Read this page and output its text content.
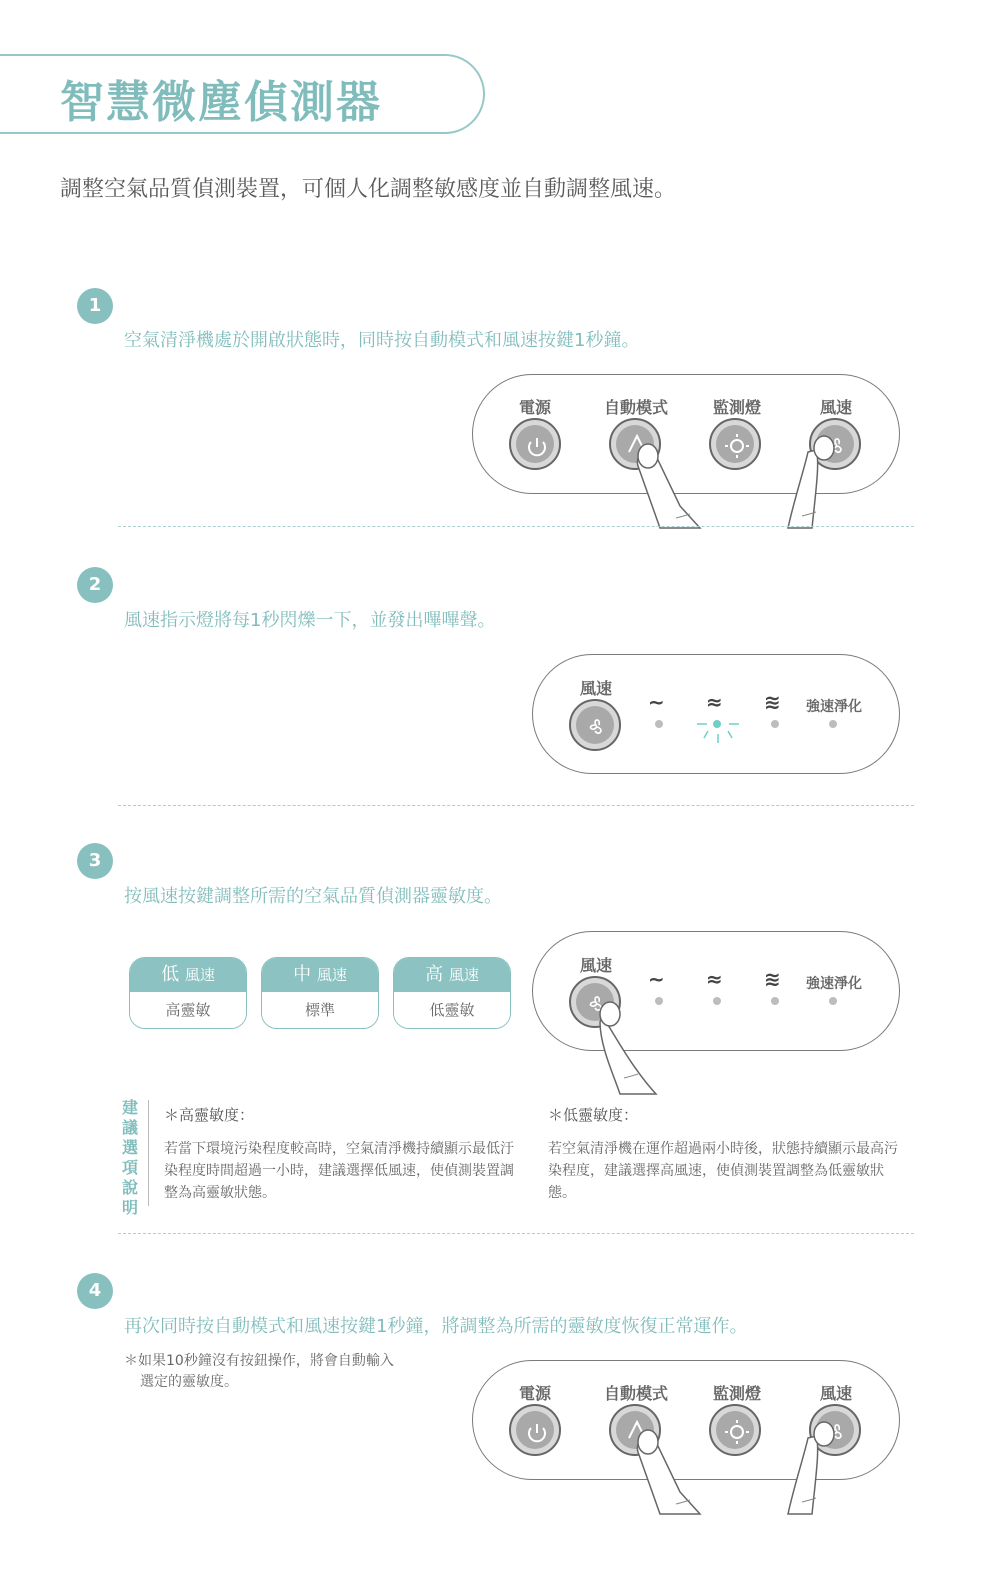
智慧微塵偵測器
調整空氣品質偵測裝置，可個人化調整敏感度並自動調整風速。
1
空氣清淨機處於開啟狀態時，同時按自動模式和風速按鍵1秒鐘。
電源	自動模式	監測燈	風速
2
風速指示燈將每1秒閃爍一下，並發出嗶嗶聲。
風速
∼ ≈ ≋	強速淨化
3
按風速按鍵調整所需的空氣品質偵測器靈敏度。
低 風速
高靈敏
中 風速
標準
高 風速
低靈敏
風速
∼ ≈ ≋	強速淨化
建議選項說明
＊高靈敏度：
若當下環境污染程度較高時，空氣清淨機持續顯示最低汙染程度時間超過一小時，建議選擇低風速，使偵測裝置調整為高靈敏狀態。
＊低靈敏度：
若空氣清淨機在運作超過兩小時後，狀態持續顯示最高污染程度，建議選擇高風速，使偵測裝置調整為低靈敏狀態。
4
再次同時按自動模式和風速按鍵1秒鐘，將調整為所需的靈敏度恢復正常運作。
＊如果10秒鐘沒有按鈕操作，將會自動輸入
選定的靈敏度。
電源	自動模式	監測燈	風速
